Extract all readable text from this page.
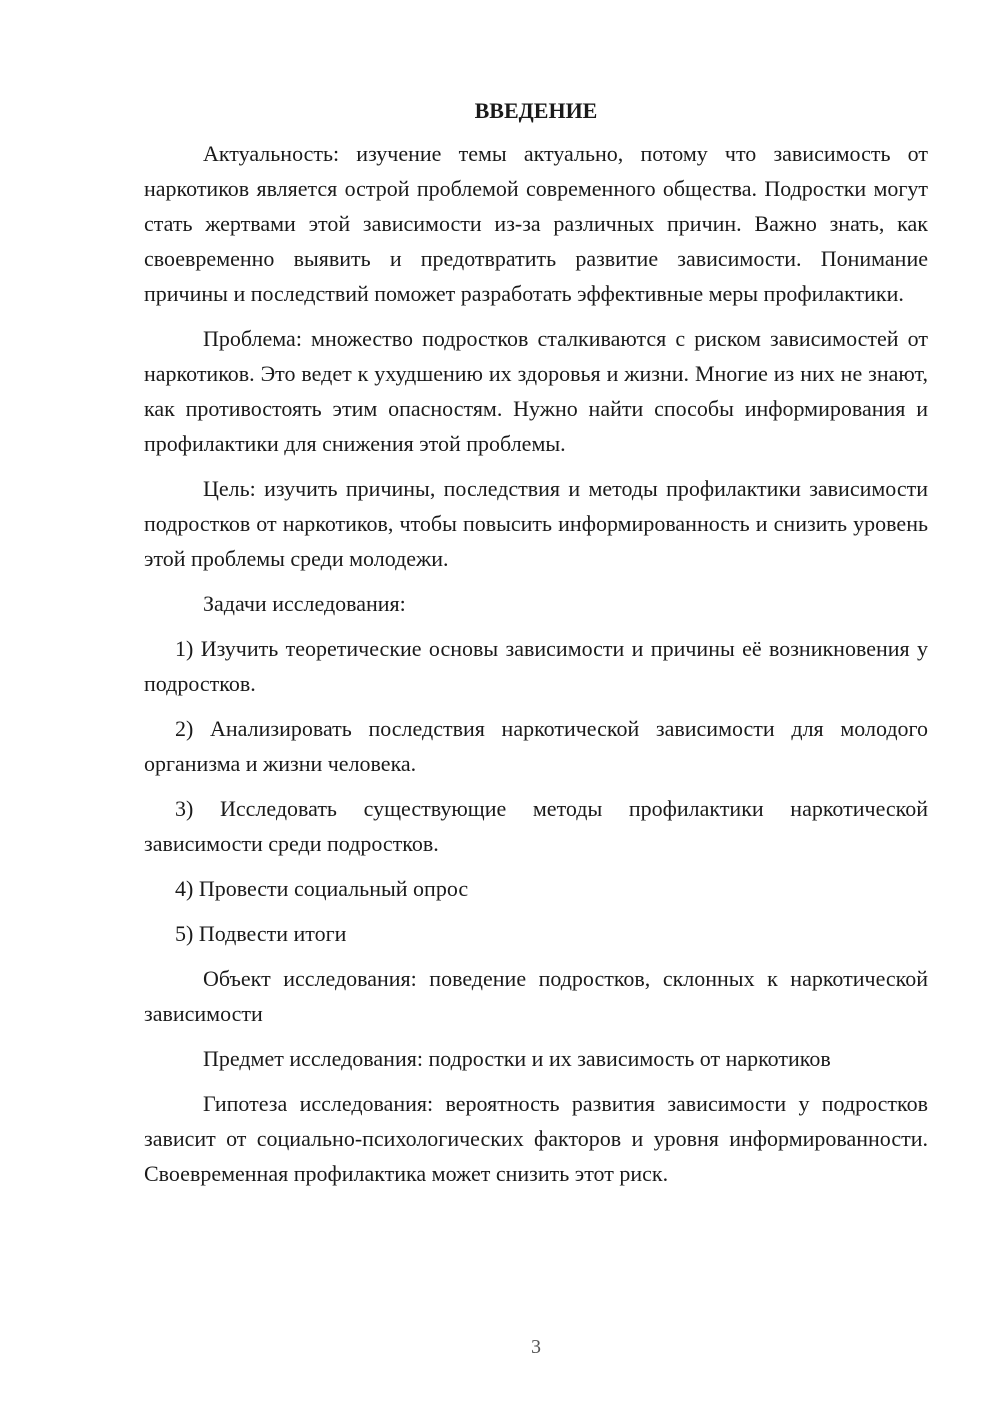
ВВЕДЕНИЕ

Актуальность: изучение темы актуально, потому что зависимость от наркотиков является острой проблемой современного общества. Подростки могут стать жертвами этой зависимости из-за различных причин. Важно знать, как своевременно выявить и предотвратить развитие зависимости. Понимание причины и последствий поможет разработать эффективные меры профилактики.

Проблема: множество подростков сталкиваются с риском зависимостей от наркотиков. Это ведет к ухудшению их здоровья и жизни. Многие из них не знают, как противостоять этим опасностям. Нужно найти способы информирования и профилактики для снижения этой проблемы.

Цель: изучить причины, последствия и методы профилактики зависимости подростков от наркотиков, чтобы повысить информированность и снизить уровень этой проблемы среди молодежи.

Задачи исследования:

1) Изучить теоретические основы зависимости и причины её возникновения у подростков.

2) Анализировать последствия наркотической зависимости для молодого организма и жизни человека.

3) Исследовать существующие методы профилактики наркотической зависимости среди подростков.

4) Провести социальный опрос

5) Подвести итоги

Объект исследования: поведение подростков, склонных к наркотической зависимости

Предмет исследования: подростки и их зависимость от наркотиков

Гипотеза исследования: вероятность развития зависимости у подростков зависит от социально-психологических факторов и уровня информированности. Своевременная профилактика может снизить этот риск.

3
